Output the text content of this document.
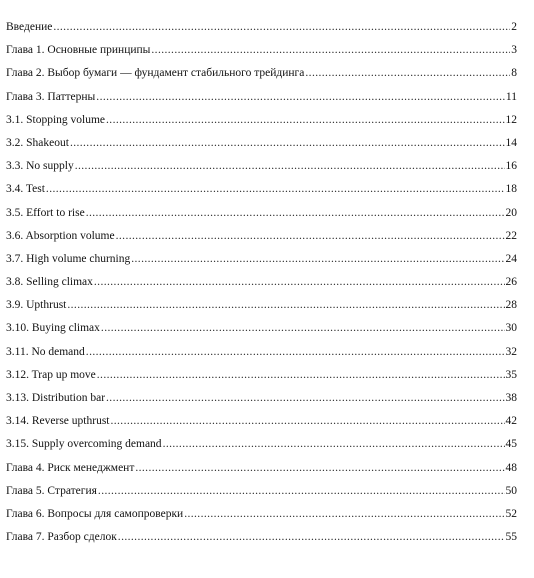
Введение .....	2
Глава 1. Основные принципы .....	3
Глава 2. Выбор бумаги — фундамент стабильного трейдинга .....	8
Глава 3. Паттерны .....	11
3.1. Stopping volume .....	12
3.2. Shakeout .....	14
3.3. No supply .....	16
3.4. Test .....	18
3.5. Effort to rise .....	20
3.6. Absorption volume .....	22
3.7. High volume churning .....	24
3.8. Selling climax .....	26
3.9. Upthrust .....	28
3.10. Buying climax .....	30
3.11. No demand .....	32
3.12. Trap up move .....	35
3.13. Distribution bar .....	38
3.14. Reverse upthrust .....	42
3.15. Supply overcoming demand .....	45
Глава 4. Риск менеджмент .....	48
Глава 5. Стратегия .....	50
Глава 6. Вопросы для самопроверки .....	52
Глава 7. Разбор сделок .....	55
